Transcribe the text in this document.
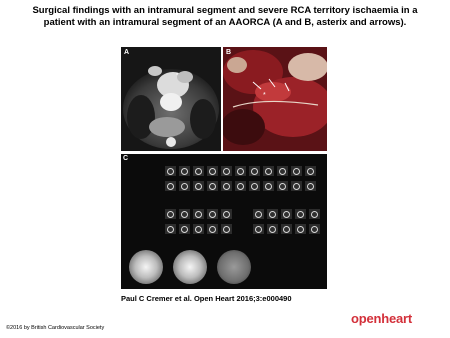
Surgical findings with an intramural segment and severe RCA territory ischaemia in a patient with an intramural segment of an AAORCA (A and B, asterix and arrows).
*
A
*
B
C
Paul C Cremer et al. Open Heart 2016;3:e000490
©2016 by British Cardiovascular Society
openheart
